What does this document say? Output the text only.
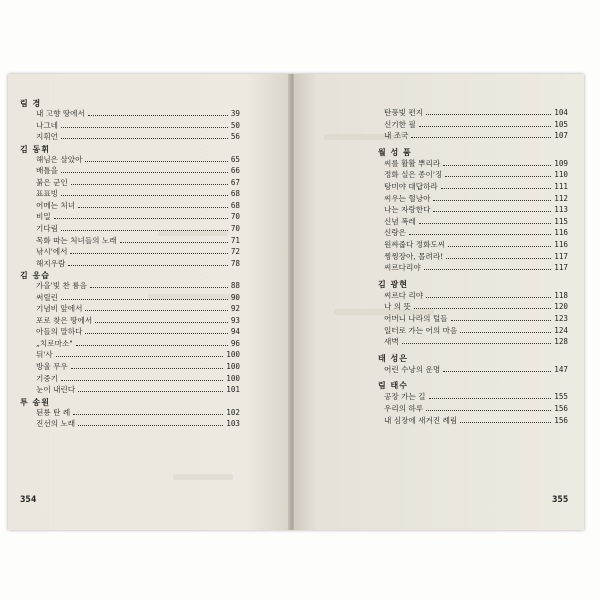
림 경
내 고향 땅에서	39
나그네	50
지휘언	56
김 동휘
해님은 살았아	65
배틀을	66
붉은 군인	67
표표빙	68
어메는 처녀	68
비밀	70
기다림	70
목화 따는 처녀들의 노래	71
낚시'에서	72
해지우람	78
김 응습
가을'빛 찬 륭음	88
써릴린	90
기념비 앞에서	92
포로 찾은 땅에서	93
아들의 말하다	94
„치로마소"	96
뒤'사	100
방울 무우	100
기중기	100
눈이 내린다	101
투 송원
된룡 탄 례	102
진선의 노래	103
354
탄풍빛 편지	104
신기한 필	105
내 조국	107
월 성 품
씨를 활활 뿌리라	109
정화 실은 종이'징	110
탕미야 대답하라	111
씨우는 혈낭아	112
나는 자랑한다	113
신념 폭레	115
신랑은	116
원싸줍다 정화도씨	116
찡찡장아, 몰려라!	117
씨르다리야	117
김 광현
씨르다 리야	118
나 의 뜻	120
어머니 나라의 털들	123
일터로 가는 어의 마음	124
새벽	128
태 성은
어린 수낭의 운명	147
림 태수
공장 가는 길	155
우리의 하루	156
내 심장에 새겨진 례림	156
355
